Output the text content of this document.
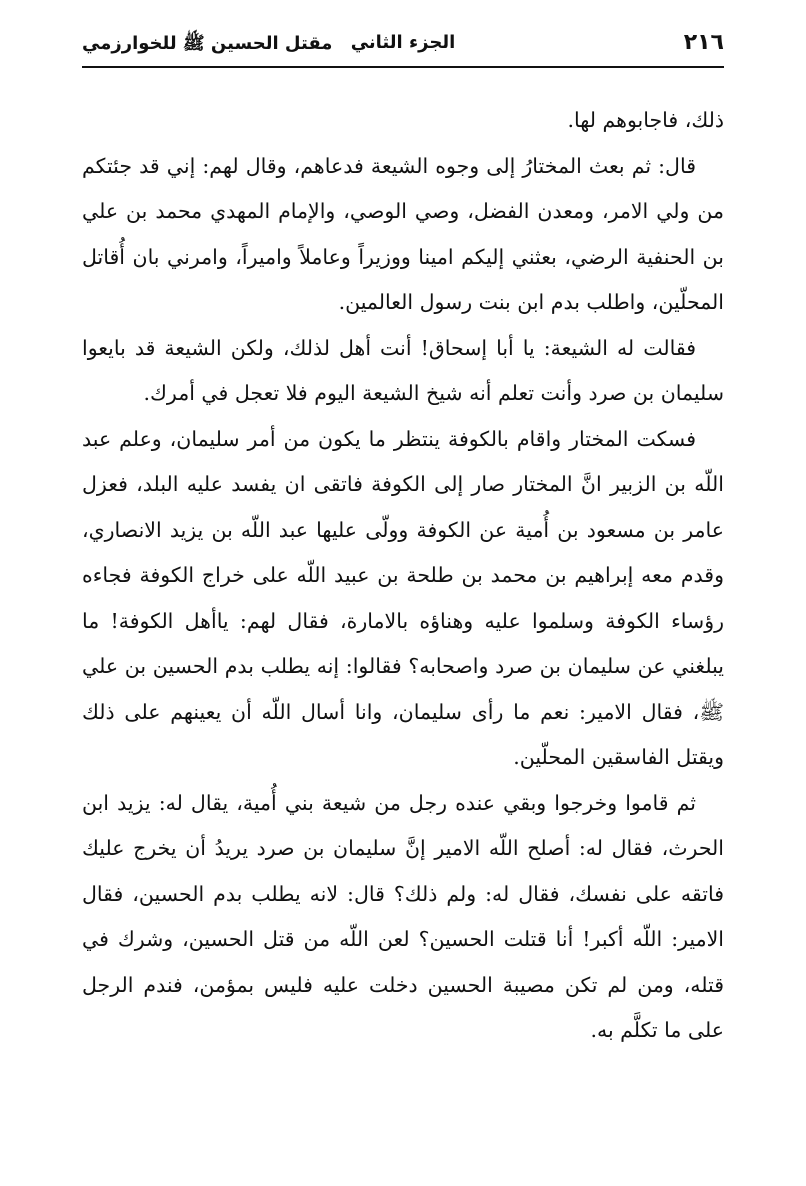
٢١٦
الجزء الثاني
مقتل الحسين ﷺ للخوارزمي

ذلك، فاجابوهم لها.

قال: ثم بعث المختارُ إلى وجوه الشيعة فدعاهم، وقال لهم: إني قد جئتكم من ولي الامر، ومعدن الفضل، وصي الوصي، والإمام المهدي محمد بن علي بن الحنفية الرضي، بعثني إليكم امينا ووزيراً وعاملاً واميراً، وامرني بان أُقاتل المحلّين، واطلب بدم ابن بنت رسول العالمين.

فقالت له الشيعة: يا أبا إسحاق! أنت أهل لذلك، ولكن الشيعة قد بايعوا سليمان بن صرد وأنت تعلم أنه شيخ الشيعة اليوم فلا تعجل في أمرك.

فسكت المختار واقام بالكوفة ينتظر ما يكون من أمر سليمان، وعلم عبد اللّه بن الزبير انَّ المختار صار إلى الكوفة فاتقى ان يفسد عليه البلد، فعزل عامر بن مسعود بن أُمية عن الكوفة وولّى عليها عبد اللّه بن يزيد الانصاري، وقدم معه إبراهيم بن محمد بن طلحة بن عبيد اللّه على خراج الكوفة فجاءه رؤساء الكوفة وسلموا عليه وهناؤه بالامارة، فقال لهم: ياأهل الكوفة! ما يبلغني عن سليمان بن صرد واصحابه؟ فقالوا: إنه يطلب بدم الحسين بن علي ﷺ، فقال الامير: نعم ما رأى سليمان، وانا أسال اللّه أن يعينهم على ذلك ويقتل الفاسقين المحلّين.

ثم قاموا وخرجوا وبقي عنده رجل من شيعة بني أُمية، يقال له: يزيد ابن الحرث، فقال له: أصلح اللّه الامير إنَّ سليمان بن صرد يريدُ أن يخرج عليك فاتقه على نفسك، فقال له: ولم ذلك؟ قال: لانه يطلب بدم الحسين، فقال الامير: اللّه أكبر! أنا قتلت الحسين؟ لعن اللّه من قتل الحسين، وشرك في قتله، ومن لم تكن مصيبة الحسين دخلت عليه فليس بمؤمن، فندم الرجل على ما تكلَّم به.
